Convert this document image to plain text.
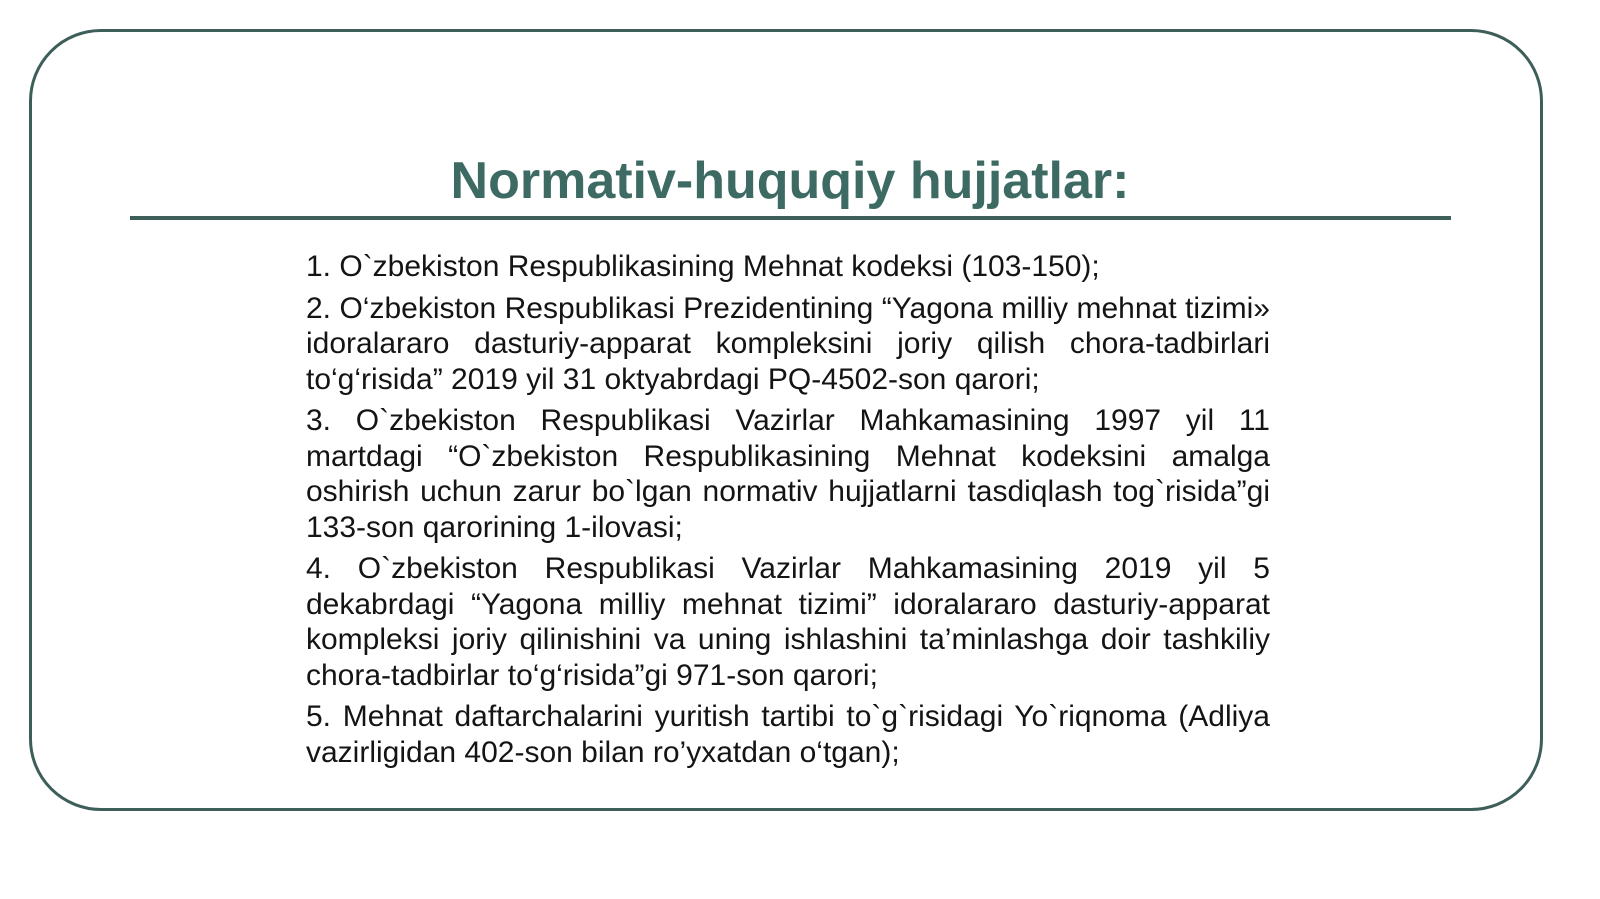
Normativ-huquqiy hujjatlar:
1. O`zbekiston Respublikasining Mehnat kodeksi (103-150);
2. O‘zbekiston Respublikasi Prezidentining “Yagona milliy mehnat tizimi» idoralararo dasturiy-apparat kompleksini joriy qilish chora-tadbirlari to‘g‘risida” 2019 yil 31 oktyabrdagi PQ-4502-son qarori;
3. O`zbekiston Respublikasi Vazirlar Mahkamasining 1997 yil 11 martdagi “O`zbekiston Respublikasining Mehnat kodeksini amalga oshirish uchun zarur bo`lgan normativ hujjatlarni tasdiqlash tog`risida”gi 133-son qarorining 1-ilovasi;
4. O`zbekiston Respublikasi Vazirlar Mahkamasining 2019 yil 5 dekabrdagi “Yagona milliy mehnat tizimi” idoralararo dasturiy-apparat kompleksi joriy qilinishini va uning ishlashini ta’minlashga doir tashkiliy chora-tadbirlar to‘g‘risida”gi 971-son qarori;
5. Mehnat daftarchalarini yuritish tartibi to`g`risidagi Yo`riqnoma (Adliya vazirligidan 402-son bilan ro’yxatdan o‘tgan);
